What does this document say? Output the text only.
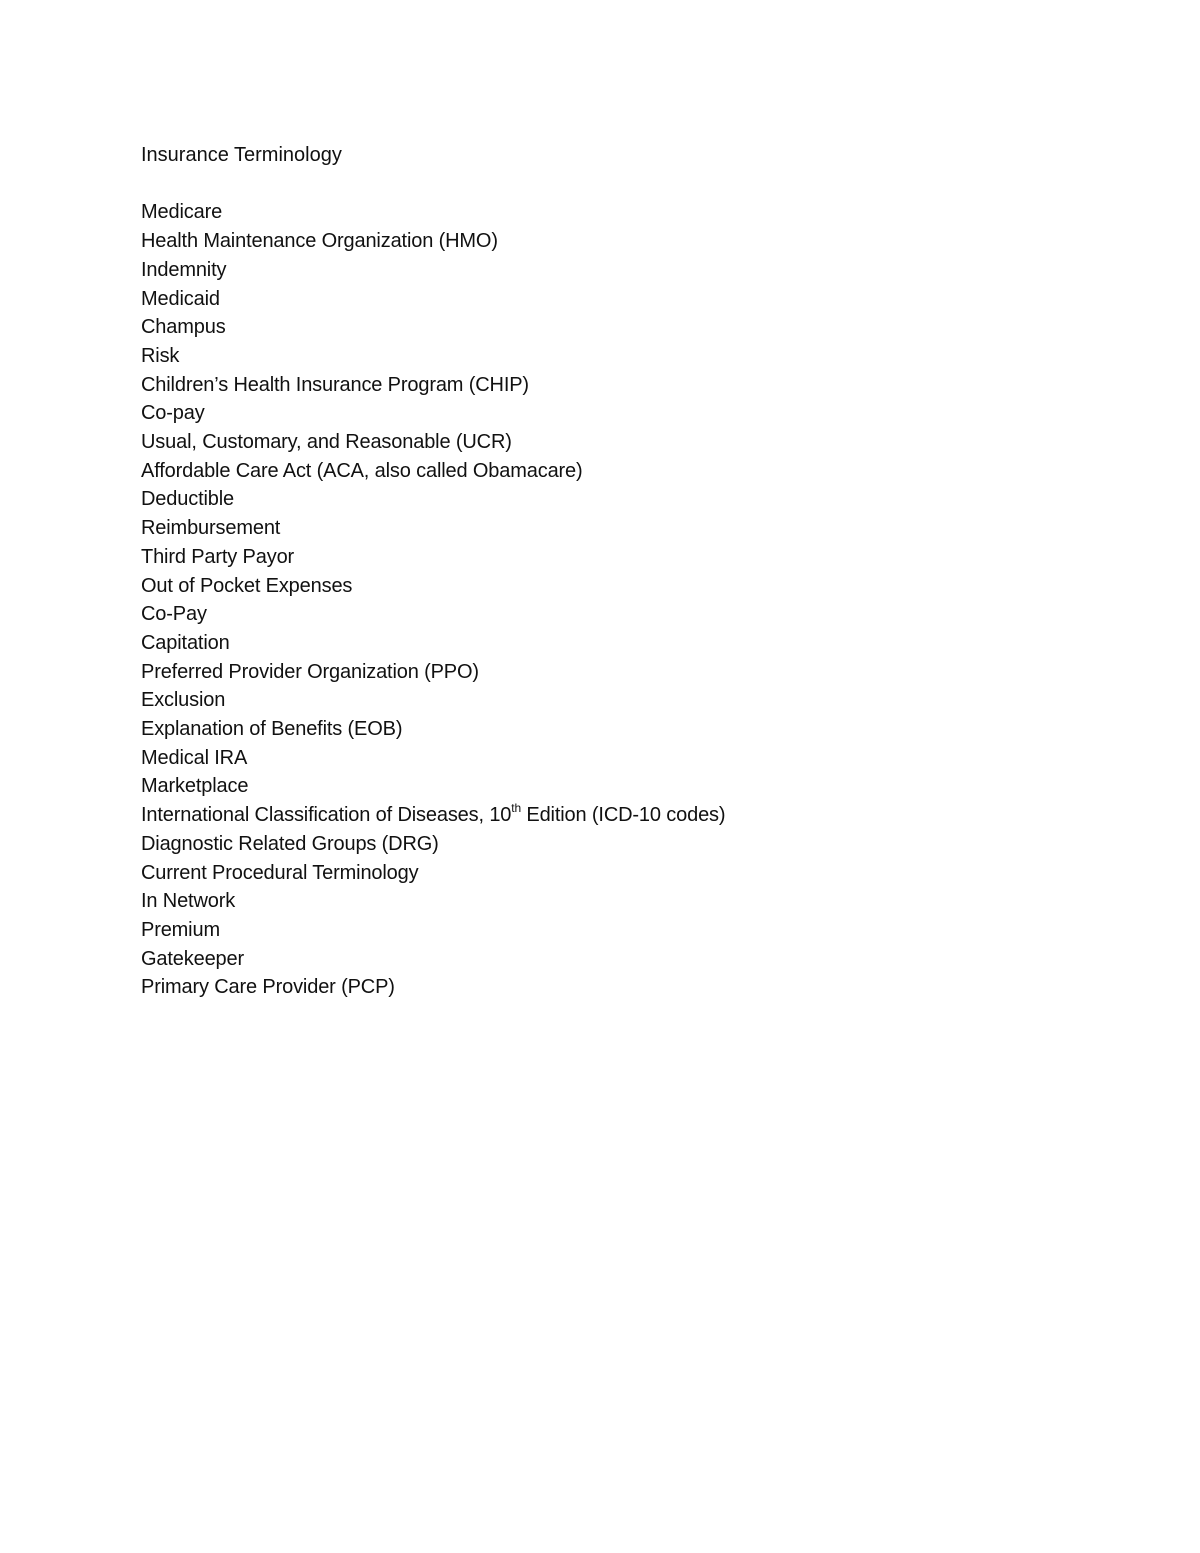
Insurance Terminology
Medicare
Health Maintenance Organization (HMO)
Indemnity
Medicaid
Champus
Risk
Children’s Health Insurance Program (CHIP)
Co-pay
Usual, Customary, and Reasonable (UCR)
Affordable Care Act (ACA, also called Obamacare)
Deductible
Reimbursement
Third Party Payor
Out of Pocket Expenses
Co-Pay
Capitation
Preferred Provider Organization (PPO)
Exclusion
Explanation of Benefits (EOB)
Medical IRA
Marketplace
International Classification of Diseases, 10th Edition (ICD-10 codes)
Diagnostic Related Groups (DRG)
Current Procedural Terminology
In Network
Premium
Gatekeeper
Primary Care Provider (PCP)
